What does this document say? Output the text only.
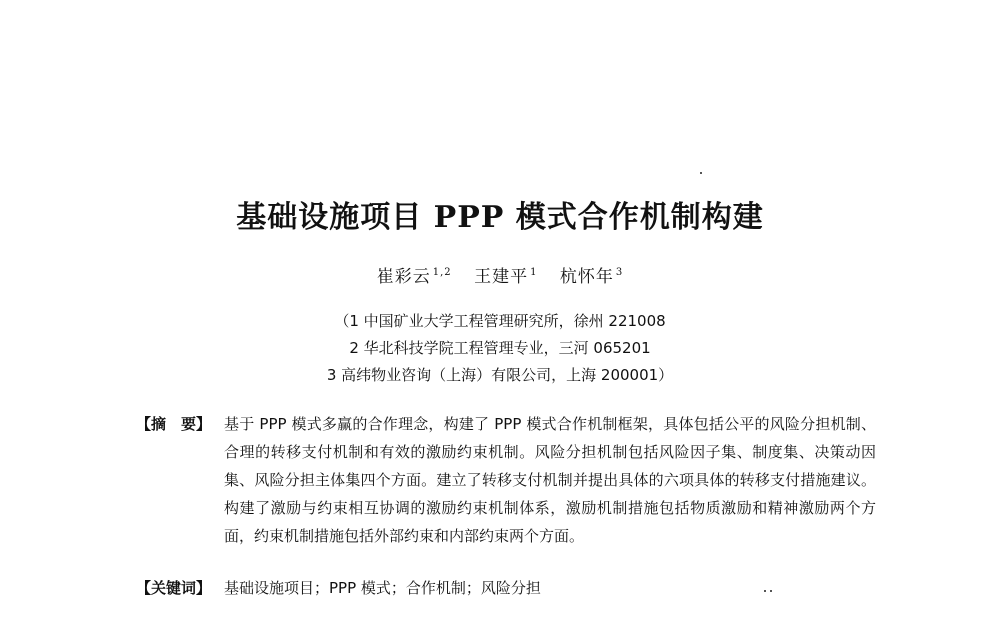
基础设施项目 PPP 模式合作机制构建
崔彩云 $^{1,2}$ 王建平 $^1$ 杭怀年 $^3$
（1 中国矿业大学工程管理研究所，徐州 221008
2 华北科技学院工程管理专业，三河 065201
3 高纬物业咨询（上海）有限公司，上海 200001）
【摘　要】 基于 PPP 模式多赢的合作理念，构建了 PPP 模式合作机制框架，具体包括公平的风险分担机制、合理的转移支付机制和有效的激励约束机制。风险分担机制包括风险因子集、制度集、决策动因集、风险分担主体集四个方面。建立了转移支付机制并提出具体的六项具体的转移支付措施建议。构建了激励与约束相互协调的激励约束机制体系，激励机制措施包括物质激励和精神激励两个方面，约束机制措施包括外部约束和内部约束两个方面。
【关键词】 基础设施项目；PPP 模式；合作机制；风险分担
